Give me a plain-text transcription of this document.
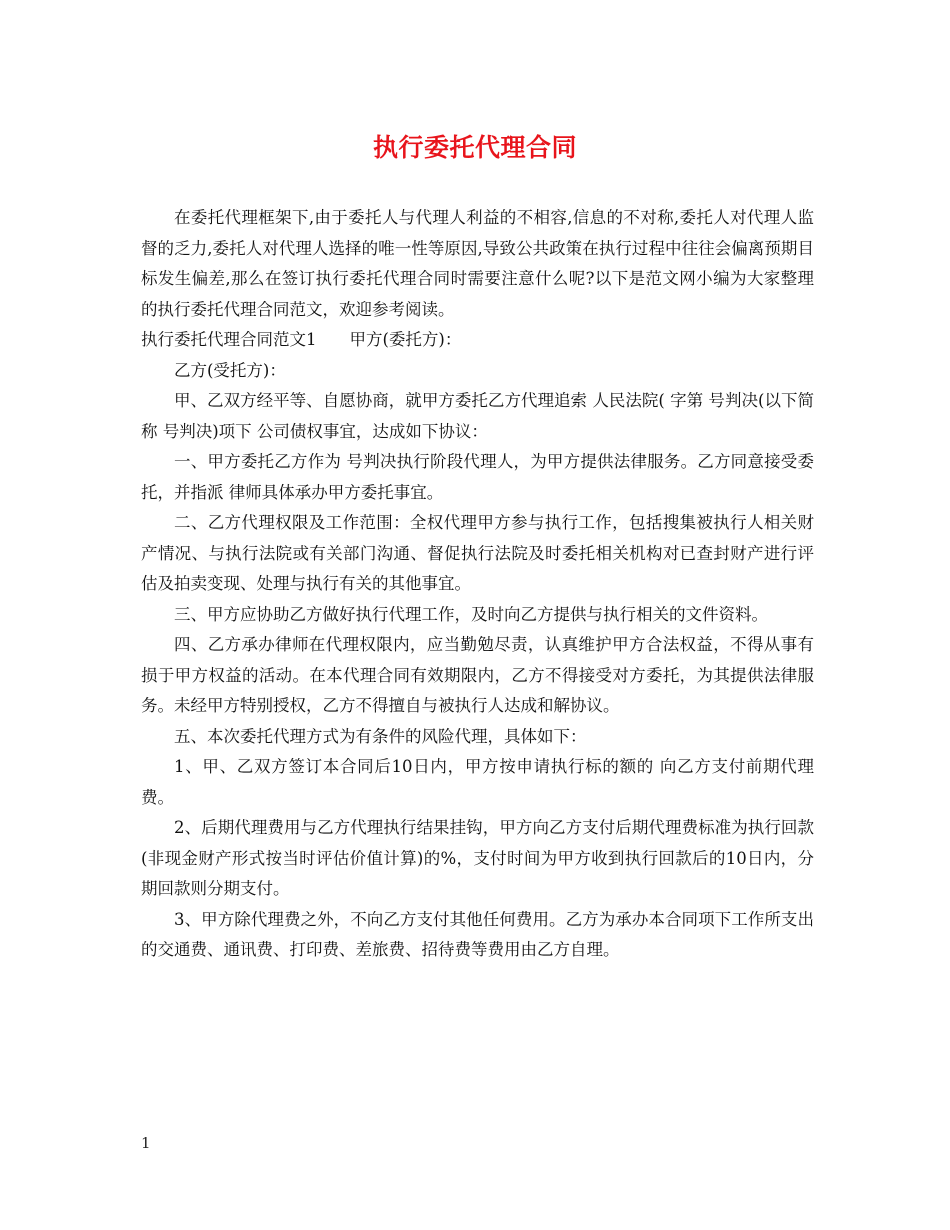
执行委托代理合同

在委托代理框架下,由于委托人与代理人利益的不相容,信息的不对称,委托人对代理人监督的乏力,委托人对代理人选择的唯一性等原因,导致公共政策在执行过程中往往会偏离预期目标发生偏差,那么在签订执行委托代理合同时需要注意什么呢?以下是范文网小编为大家整理的执行委托代理合同范文，欢迎参考阅读。

执行委托代理合同范文1　　甲方(委托方)：

乙方(受托方)：

甲、乙双方经平等、自愿协商，就甲方委托乙方代理追索 人民法院( 字第 号判决(以下简称 号判决)项下 公司债权事宜，达成如下协议：

一、甲方委托乙方作为 号判决执行阶段代理人，为甲方提供法律服务。乙方同意接受委托，并指派 律师具体承办甲方委托事宜。

二、乙方代理权限及工作范围：全权代理甲方参与执行工作，包括搜集被执行人相关财产情况、与执行法院或有关部门沟通、督促执行法院及时委托相关机构对已查封财产进行评估及拍卖变现、处理与执行有关的其他事宜。

三、甲方应协助乙方做好执行代理工作，及时向乙方提供与执行相关的文件资料。

四、乙方承办律师在代理权限内，应当勤勉尽责，认真维护甲方合法权益，不得从事有损于甲方权益的活动。在本代理合同有效期限内，乙方不得接受对方委托，为其提供法律服务。未经甲方特别授权，乙方不得擅自与被执行人达成和解协议。

五、本次委托代理方式为有条件的风险代理，具体如下：

1、甲、乙双方签订本合同后10日内，甲方按申请执行标的额的 向乙方支付前期代理费。

2、后期代理费用与乙方代理执行结果挂钩，甲方向乙方支付后期代理费标准为执行回款(非现金财产形式按当时评估价值计算)的%，支付时间为甲方收到执行回款后的10日内，分期回款则分期支付。

3、甲方除代理费之外，不向乙方支付其他任何费用。乙方为承办本合同项下工作所支出的交通费、通讯费、打印费、差旅费、招待费等费用由乙方自理。

1
